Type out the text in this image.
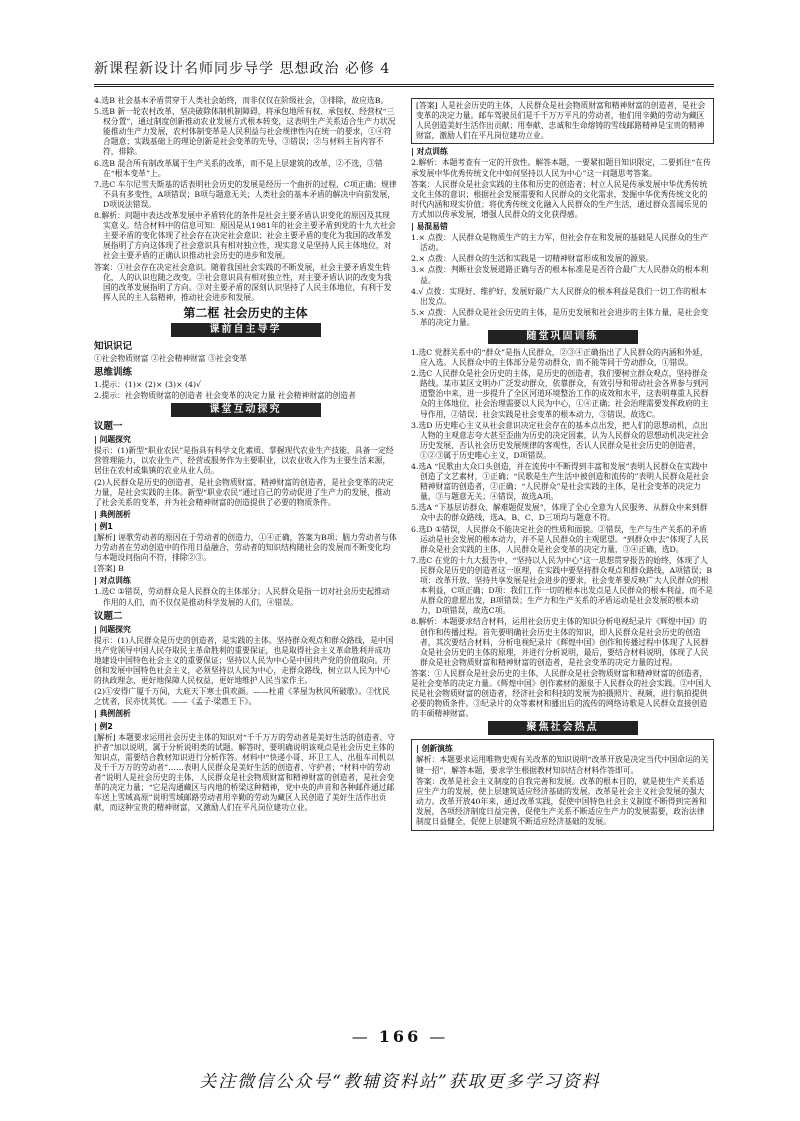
新课程新设计名师同步导学 思想政治 必修 4

4.选B 社会基本矛盾贯穿于人类社会始终，而非仅仅在阶级社会，③排除，故应选B。

5.选B 新一轮农村改革，坚决破除体制机制障碍，将承包地所有权、承包权、经营权“三权分置”，通过制度创新推动农业发展方式根本转变，这表明生产关系适合生产力状况能推动生产力发展，农村体制变革是人民利益与社会规律性内在统一的要求，①④符合题意；实践基础上的理论创新是社会变革的先导，③错误；②与材料主旨内容不符，排除。

6.选B 混合所有制改革属于生产关系的改革，而不是上层建筑的改革，②不选，③错在“根本变革”上。

7.选C 车尔尼雪夫斯基的话表明社会历史的发展是经历一个曲折的过程，C项正确；规律不具有多变性，A项错误；B项与题意无关；人类社会的基本矛盾的解决中向前发展，D项说法错误。

8.解析：问题中表达改革发展中矛盾转化的条件是社会主要矛盾认识变化的原因及其现实意义。结合材料中的信息可知：原因是从1981年的社会主要矛盾到党的十九大社会主要矛盾的变化体现了社会存在决定社会意识；社会主要矛盾的变化为我国的改革发展指明了方向这体现了社会意识具有相对独立性，现实意义是坚持人民主体地位，对社会主要矛盾的正确认识推动社会历史的进步和发展。

答案：①社会存在决定社会意识。随着我国社会实践的不断发展，社会主要矛盾发生转化，人的认识也随之改变。②社会意识具有相对独立性，对主要矛盾认识的改变为我国的改革发展指明了方向。③对主要矛盾的深刻认识坚持了人民主体地位，有利于发挥人民的主人翁精神，推动社会进步和发展。

第二框 社会历史的主体
课前自主导学
知识识记

①社会物质财富 ②社会精神财富 ③社会变革

思维训练

1.提示：(1)× (2)× (3)× (4)√

2.提示：社会物质财富的创造者 社会变革的决定力量 社会精神财富的创造者

课堂互动探究
议题一
| 问题探究

提示：(1)新型“职业农民”是指具有科学文化素质、掌握现代农业生产技能、具备一定经营管理能力，以农业生产、经营或服务作为主要职业，以农业收入作为主要生活来源，居住在农村或集镇的农业从业人员。

(2)人民群众是历史的创造者，是社会物质财富、精神财富的创造者，是社会变革的决定力量，是社会实践的主体。新型“职业农民”通过自己的劳动促进了生产力的发展，推动了社会关系的变革，并为社会精神财富的创造提供了必要的物质条件。

| 典例剖析
| 例1

[解析] 诬歌劳动者的原因在于劳动者的创造力，①④正确，答案为B项；脑力劳动者与体力劳动者在劳动创造中的作用日益融合，劳动者的知识结构随社会的发展而不断变化均与本题设问指向不符，排除②③。

[答案] B

| 对点训练

1.选C ①错误，劳动群众是人民群众的主体部分；人民群众是指一切对社会历史起推动作用的人们，而不仅仅是推动科学发展的人们，④错误。

议题二
| 问题探究

提示：(1)人民群众是历史的创造者，是实践的主体。坚持群众观点和群众路线，是中国共产党领导中国人民夺取民主革命胜利的重要保证，也是取得社会主义革命胜利并成功地建设中国特色社会主义的重要保证；坚持以人民为中心是中国共产党的价值取向。开创和发展中国特色社会主义，必须坚持以人民为中心，走群众路线，树立以人民为中心的执政理念，更好地保障人民权益，更好地维护人民当家作主。

(2)①安得广厦千万间，大庇天下寒士俱欢颜。——杜甫《茅屋为秋风所破歌》。②忧民之忧者，民亦忧其忧。——《孟子·梁惠王下》。

| 典例剖析
| 例2

[解析] 本题要求运用社会历史主体的知识对“千千万万的劳动者是美好生活的创造者、守护者”加以说明，属于分析说明类的试题。解答时，要明确说明该观点是社会历史主体的知识点，需要结合教材知识进行分析作答。材料中“快递小哥、环卫工人、出租车司机以及千千万万的劳动者”……表明人民群众是美好生活的创造者、守护者；“材料中的劳动者”说明人是社会历史的主体，人民群众是社会物质财富和精神财富的创造者，是社会变革的决定力量；“它是沟通藏区与内地的桥梁这种精神，党中央的声音和各种邮件通过邮车送上雪域高原”说明雪域邮路劳动者用辛勤的劳动为藏区人民创造了美好生活作出贡献，而这种宝贵的精神财富，又激励人们在平凡岗位建功立业。

[答案] 人是社会历史的主体，人民群众是社会物质财富和精神财富的创造者，是社会变革的决定力量。邮车驾驶员们是千千万万平凡的劳动者，他们用辛勤的劳动为藏区人民创造美好生活作出贡献；用奉献、忠诚和生命熔铸的雪线邮路精神是宝贵的精神财富，激励人们在平凡岗位建功立业。
| 对点训练

2.解析：本题考查有一定的开放性。解答本题，一要紧扣题目知识限定，二要抓住“在传承发展中华优秀传统文化中如何坚持以人民为中心”这一问题思考答案。

答案：人民群众是社会实践的主体和历史的创造者；村立人民是传承发展中华优秀传统文化主体的意识；根据社会发展需要和人民群众的文化需求，发掘中华优秀传统文化的时代内涵和现实价值；将优秀传统文化融入人民群众的生产生活，通过群众喜闻乐见的方式加以传承发展，增强人民群众的文化获得感。

| 易混易错

1.× 点拨：人民群众是物质生产的主力军，但社会存在和发展的基础是人民群众的生产活动。

2.× 点拨：人民群众的生活和实践是一切精神财富形成和发展的源泉。

3.× 点拨：判断社会发展道路正确与否的根本标准是是否符合最广大人民群众的根本利益。

4.√ 点拨：实现好、维护好、发展好最广大人民群众的根本利益是我们一切工作的根本出发点。

5.× 点拨：人民群众是社会历史的主体，是历史发展和社会进步的主体力量，是社会变革的决定力量。

随堂巩固训练

1.选C 党群关系中的“群众”是指人民群众，②③④正确指出了人民群众的内涵和外延，应入选。人民群众中的主体部分是劳动群众，而不能等同于劳动群众，①错误。

2.选C 人民群众是社会历史的主体，是历史的创造者，我们要树立群众观点，坚持群众路线。某市某区文明办广泛发动群众，依靠群众，有效引导和带动社会各界参与到河道整治中来，进一步提升了全区河道环境整治工作的成效和水平，这表明尊重人民群众的主体地位，社会治理需要以人民为中心，①④正确；社会治理需要发挥政府的主导作用，②错误；社会实践是社会变革的根本动力，③错误，故选C。

3.选D 历史唯心主义从社会意识决定社会存在的基本点出发，把人们的思想动机，点出人物的主观意志夸大甚至歪曲为历史的决定因素，认为人民群众的思想动机决定社会历史发展，否认社会历史发展规律的客观性，否认人民群众是社会历史的创造者，①②③属于历史唯心主义，D项错误。

4.选A “民歌由大众口头创造，并在流传中不断得到丰富和发展”表明人民群众在实践中创造了文艺素材，①正确；“民歌是生产生活中被创造和流传的”表明人民群众是社会精神财富的创造者，②正确；“人民群众”是社会实践的主体，是社会变革的决定力量，③与题意无关；④错误，故选A项。

5.选A “下基层访群众、解难题促发展”，体现了全心全意为人民服务、从群众中来到群众中去的群众路线，选A。B、C、D三项均与题意不符。

6.选D ①错误，人民群众不能决定社会的性质和面貌。②错误，生产与生产关系的矛盾运动是社会发展的根本动力，并不是人民群众的主观愿望。“到群众中去”体现了人民群众是社会实践的主体，人民群众是社会变革的决定力量，③④正确，选D。

7.选C 在党的十九大报告中，“坚持以人民为中心”这一思想贯穿报告的始终，体现了人民群众是历史的创造者这一原理，在实践中要坚持群众观点和群众路线，A项错误；B项：改革开放、坚持共享发展是社会进步的要求，社会变革要反映广大人民群众的根本利益，C项正确；D项：我们工作一切的根本出发点是人民群众的根本利益，而不是从群众的意愿出发，B项错误；生产力和生产关系的矛盾运动是社会发展的根本动力，D项错误，故选C项。

8.解析：本题要求结合材料，运用社会历史主体的知识分析电视纪录片《辉煌中国》的创作和传播过程。首先要明确社会历史主体的知识，即人民群众是社会历史的创造者，其次要结合材料，分析电视纪录片《辉煌中国》创作和传播过程中体现了人民群众是社会历史的主体的原理，并进行分析说明，最后，要结合材料说明，体现了人民群众是社会物质财富和精神财富的创造者，是社会变革的决定力量的过程。

答案：①人民群众是社会历史的主体，人民群众是社会物质财富和精神财富的创造者，是社会变革的决定力量。《辉煌中国》创作素材的源泉于人民群众的社会实践。②中国人民是社会物质财富的创造者，经济社会和科技的发展为拍摄照片、视频，进行航拍提供必要的物质条件。③纪录片的众等素材和播出后的流传的网络诗歌是人民群众直接创造的丰硕精神财富。

聚焦社会热点
| 创新演练

解析：本题要求运用唯物史观有关改革的知识说明“改革开放是决定当代中国命运的关键一招”，解答本题，要求学生根据教材知识结合材料作答即可。

答案：改革是社会主义制度的自我完善和发展。改革的根本目的，就是使生产关系适应生产力的发展，使上层建筑适应经济基础的发展。改革是社会主义社会发展的强大动力。改革开放40年来，通过改革实践，促使中国特色社会主义制度不断得到完善和发展，各项经济制度日益完善，促使生产关系不断适应生产力的发展需要，政治法律制度日益健全，促使上层建筑不断适应经济基础的发展。

— 166 —
关注微信公众号“教辅资料站”获取更多学习资料
